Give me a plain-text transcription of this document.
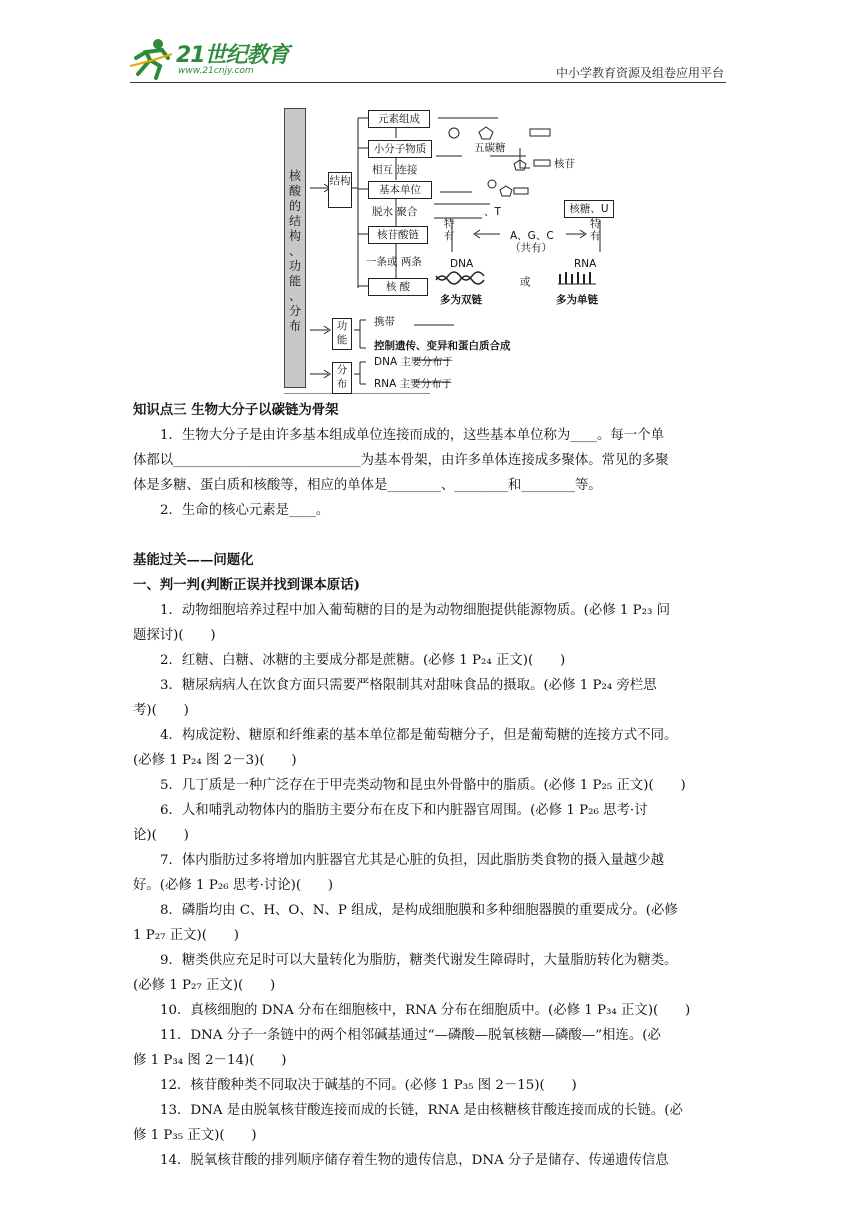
21世纪教育
www.21cnjy.com	中小学教育资源及组卷应用平台
核
酸
的
结
构
、
功
能
、
分
布
结构
元素组成
小分子物质
相互 连接
五碳糖
核苷
基本单位
脱水 聚合	、T	核糖、U
特有
特有
核苷酸链	A、G、C
（共有）
一条或 两条	DNA	RNA
核 酸	或
多为双链	多为单链
功能
携带
控制遗传、变异和蛋白质合成
分布
DNA 主要分布于
RNA 主要分布于

知识点三 生物大分子以碳链为骨架

1．生物大分子是由许多基本组成单位连接而成的，这些基本单位称为____。每一个单

体都以____________________________为基本骨架，由许多单体连接成多聚体。常见的多聚

体是多糖、蛋白质和核酸等，相应的单体是________、________和________等。

2．生命的核心元素是____。

基能过关——问题化

一、判一判(判断正误并找到课本原话)

1．动物细胞培养过程中加入葡萄糖的目的是为动物细胞提供能源物质。(必修 1 P₂₃ 问

题探讨)(　　)

2．红糖、白糖、冰糖的主要成分都是蔗糖。(必修 1 P₂₄ 正文)(　　)

3．糖尿病病人在饮食方面只需要严格限制其对甜味食品的摄取。(必修 1 P₂₄ 旁栏思

考)(　　)

4．构成淀粉、糖原和纤维素的基本单位都是葡萄糖分子，但是葡萄糖的连接方式不同。

(必修 1 P₂₄ 图 2－3)(　　)

5．几丁质是一种广泛存在于甲壳类动物和昆虫外骨骼中的脂质。(必修 1 P₂₅ 正文)(　　)

6．人和哺乳动物体内的脂肪主要分布在皮下和内脏器官周围。(必修 1 P₂₆ 思考·讨

论)(　　)

7．体内脂肪过多将增加内脏器官尤其是心脏的负担，因此脂肪类食物的摄入量越少越

好。(必修 1 P₂₆ 思考·讨论)(　　)

8．磷脂均由 C、H、O、N、P 组成，是构成细胞膜和多种细胞器膜的重要成分。(必修

1 P₂₇ 正文)(　　)

9．糖类供应充足时可以大量转化为脂肪，糖类代谢发生障碍时，大量脂肪转化为糖类。

(必修 1 P₂₇ 正文)(　　)

10．真核细胞的 DNA 分布在细胞核中，RNA 分布在细胞质中。(必修 1 P₃₄ 正文)(　　)

11．DNA 分子一条链中的两个相邻碱基通过“—磷酸—脱氧核糖—磷酸—”相连。(必

修 1 P₃₄ 图 2－14)(　　)

12．核苷酸种类不同取决于碱基的不同。(必修 1 P₃₅ 图 2－15)(　　)

13．DNA 是由脱氧核苷酸连接而成的长链，RNA 是由核糖核苷酸连接而成的长链。(必

修 1 P₃₅ 正文)(　　)

14．脱氧核苷酸的排列顺序储存着生物的遗传信息，DNA 分子是储存、传递遗传信息
